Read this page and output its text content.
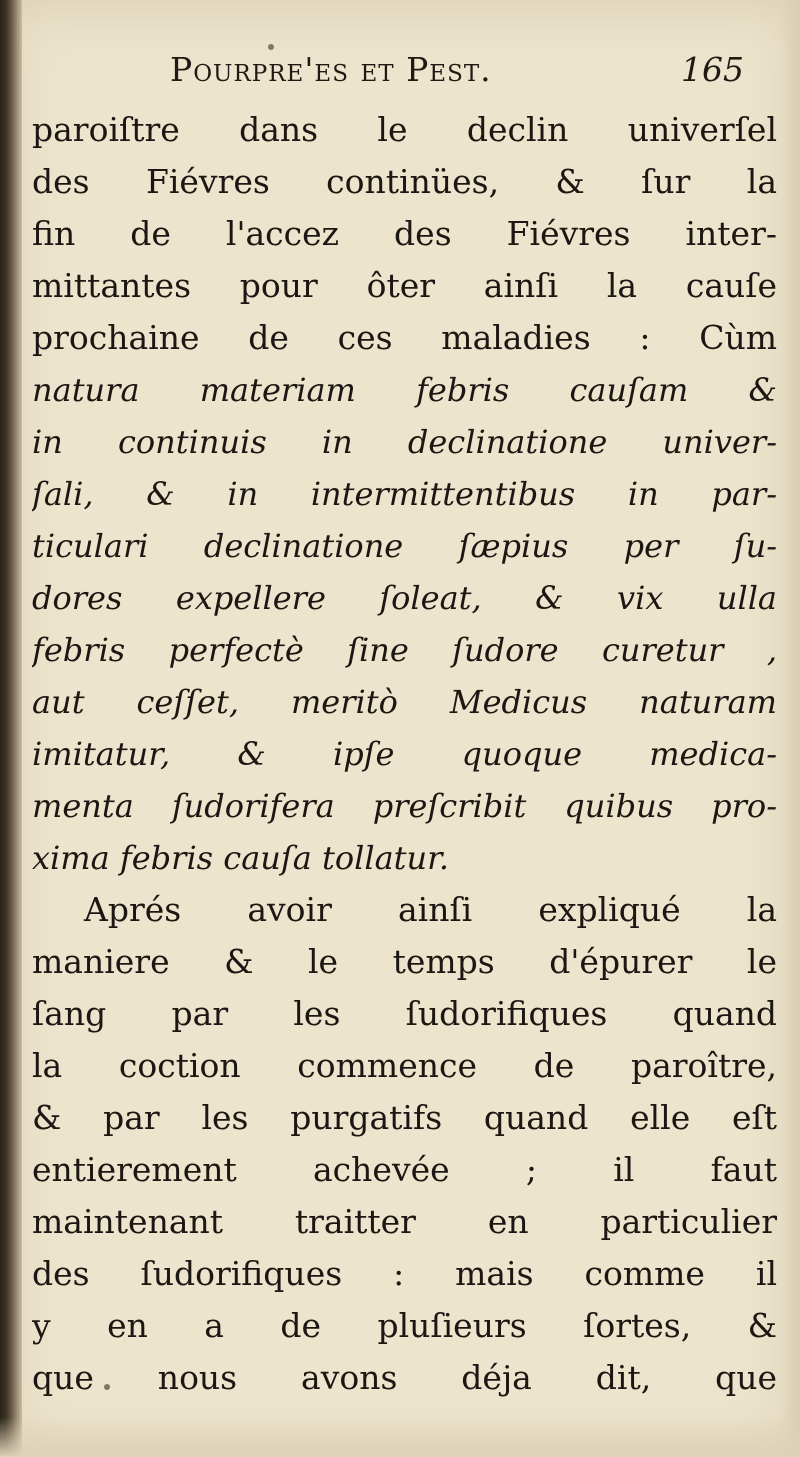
Pourpre'es et Pest.	165
paroiſtre dans le declin univerſel
des Fiévres continües, & ſur la
fin de l'accez des Fiévres inter-
mittantes pour ôter ainſi la cauſe
prochaine de ces maladies : Cùm
natura materiam febris cauſam &
in continuis in declinatione univer-
ſali, & in intermittentibus in par-
ticulari declinatione ſæpius per ſu-
dores expellere ſoleat, & vix ulla
febris perfectè ſine ſudore curetur ,
aut ceſſet, meritò Medicus naturam
imitatur, & ipſe quoque medica-
menta ſudorifera preſcribit quibus pro-
xima febris cauſa tollatur.
Aprés avoir ainſi expliqué la
maniere & le temps d'épurer le
ſang par les ſudorifiques quand
la coction commence de paroître,
& par les purgatifs quand elle eſt
entierement achevée ; il faut
maintenant traitter en particulier
des ſudorifiques : mais comme il
y en a de pluſieurs ſortes, &
que nous avons déja dit, que
